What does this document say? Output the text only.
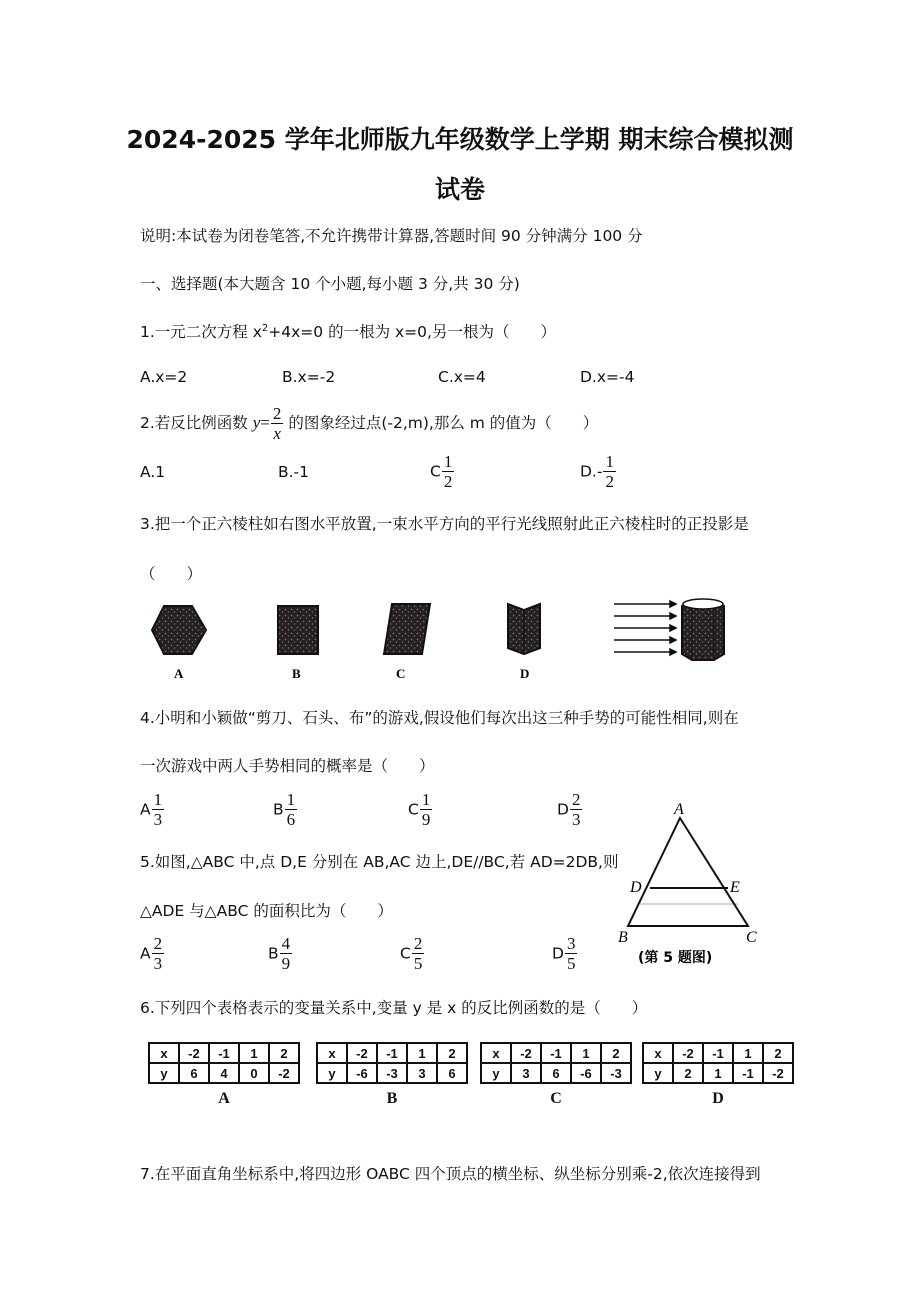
2024-2025 学年北师版九年级数学上学期 期末综合模拟测
试卷
说明:本试卷为闭卷笔答,不允许携带计算器,答题时间 90 分钟满分 100 分
一、选择题(本大题含 10 个小题,每小题 3 分,共 30 分)
1.一元二次方程 $x^2+4x=0$ 的一根为 x=0,另一根为（　　）
A.x=2	B.x=-2	C.x=4	D.x=-4
2.若反比例函数 $y= \frac{2}{x}$ 的图象经过点(-2,m),那么 m 的值为（　　）
A.1	B.-1	C $\frac{1}{2}$	$D.- \frac{1}{2}$
3.把一个正六棱柱如右图水平放置,一束水平方向的平行光线照射此正六棱柱时的正投影是
（　　）
A	B	C	D
4.小明和小颖做“剪刀、石头、布”的游戏,假设他们每次出这三种手势的可能性相同,则在
一次游戏中两人手势相同的概率是（　　）
A $\frac{1}{3}$	B $\frac{1}{6}$	C $\frac{1}{9}$	D $\frac{2}{3}$
5.如图,△ABC 中,点 D,E 分别在 AB,AC 边上,DE//BC,若 AD=2DB,则
△ADE 与△ABC 的面积比为（　　）
A $\frac{2}{3}$	B $\frac{4}{9}$	C $\frac{2}{5}$	D $\frac{3}{5}$
A
D	E
B	C
(第 5 题图)
6.下列四个表格表示的变量关系中,变量 y 是 x 的反比例函数的是（　　）
x	-2	-1	1	2
y	6	4	0	-2
A
x	-2	-1	1	2
y	-6	-3	3	6
B
x	-2	-1	1	2
y	3	6	-6	-3
C
x	-2	-1	1	2
y	2	1	-1	-2
D
7.在平面直角坐标系中,将四边形 OABC 四个顶点的横坐标、纵坐标分别乘-2,依次连接得到
